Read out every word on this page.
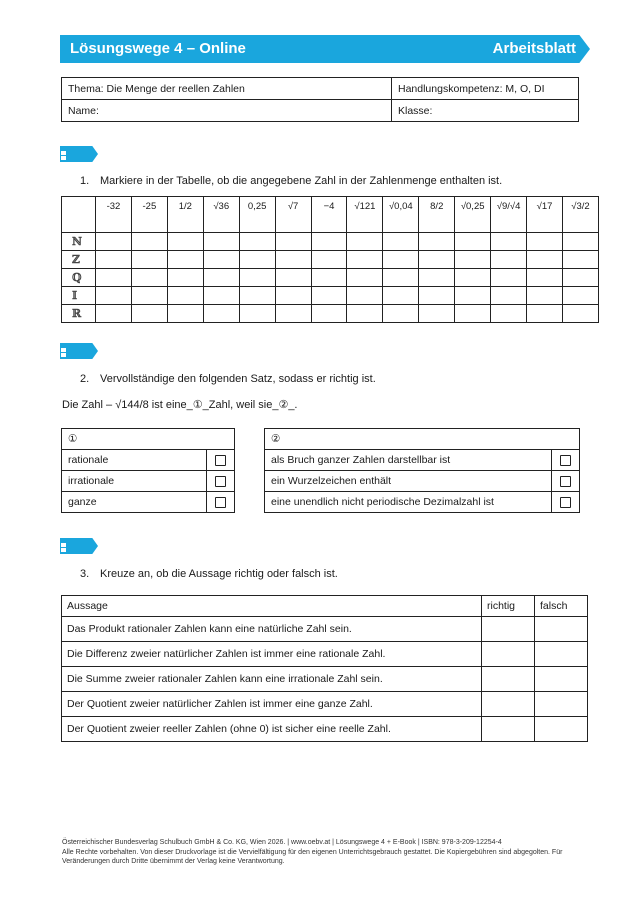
Lösungswege 4 – Online	Arbeitsblatt
Thema: Die Menge der reellen Zahlen	Handlungskompetenz: M, O, DI
Name:	Klasse:
1. Markiere in der Tabelle, ob die angegebene Zahl in der Zahlenmenge enthalten ist.
	-32	-25	1/2	√36	0,25	√7	−4	√121	√0,04	8/2	√0,25	√9/√4	√17	√3/2
ℕ														
ℤ														
ℚ														
𝕀														
ℝ														
2. Vervollständige den folgenden Satz, sodass er richtig ist.
Die Zahl – √144/8 ist eine_①_Zahl, weil sie_②_.
①	
rationale	
irrationale	
ganze	
②	
als Bruch ganzer Zahlen darstellbar ist	
ein Wurzelzeichen enthält	
eine unendlich nicht periodische Dezimalzahl ist	
3. Kreuze an, ob die Aussage richtig oder falsch ist.
Aussage	richtig	falsch
Das Produkt rationaler Zahlen kann eine natürliche Zahl sein.		
Die Differenz zweier natürlicher Zahlen ist immer eine rationale Zahl.		
Die Summe zweier rationaler Zahlen kann eine irrationale Zahl sein.		
Der Quotient zweier natürlicher Zahlen ist immer eine ganze Zahl.		
Der Quotient zweier reeller Zahlen (ohne 0) ist sicher eine reelle Zahl.		
Österreichischer Bundesverlag Schulbuch GmbH & Co. KG, Wien 2026. | www.oebv.at | Lösungswege 4 + E-Book | ISBN: 978-3-209-12254-4
Alle Rechte vorbehalten. Von dieser Druckvorlage ist die Vervielfältigung für den eigenen Unterrichtsgebrauch gestattet. Die Kopiergebühren sind abgegolten. Für Veränderungen durch Dritte übernimmt der Verlag keine Verantwortung.
